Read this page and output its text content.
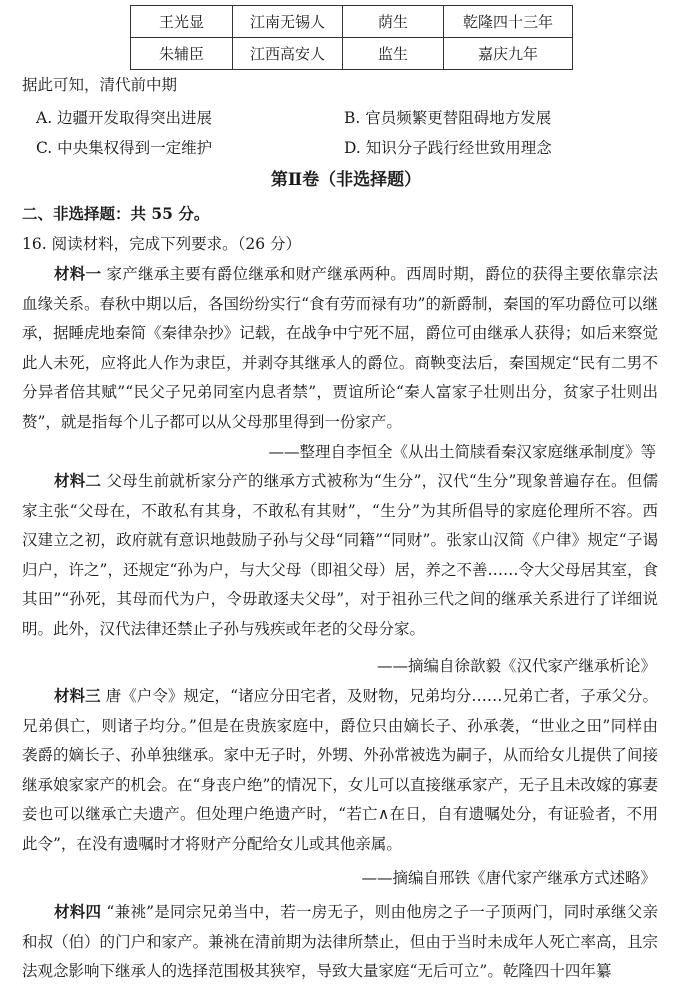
王光显	江南无锡人	荫生	乾隆四十三年
朱辅臣	江西高安人	监生	嘉庆九年
据此可知，清代前中期
A. 边疆开发取得突出进展	B. 官员频繁更替阻碍地方发展
C. 中央集权得到一定维护	D. 知识分子践行经世致用理念
第Ⅱ卷（非选择题）
二、非选择题：共 55 分。
16. 阅读材料，完成下列要求。（26 分）
材料一 家产继承主要有爵位继承和财产继承两种。西周时期，爵位的获得主要依靠宗法血缘关系。春秋中期以后，各国纷纷实行“食有劳而禄有功”的新爵制，秦国的军功爵位可以继承，据睡虎地秦简《秦律杂抄》记载，在战争中宁死不屈，爵位可由继承人获得；如后来察觉此人未死，应将此人作为隶臣，并剥夺其继承人的爵位。商鞅变法后，秦国规定“民有二男不分异者倍其赋”“民父子兄弟同室内息者禁”，贾谊所论“秦人富家子壮则出分，贫家子壮则出赘”，就是指每个儿子都可以从父母那里得到一份家产。
——整理自李恒全《从出土简牍看秦汉家庭继承制度》等
材料二 父母生前就析家分产的继承方式被称为“生分”，汉代“生分”现象普遍存在。但儒家主张“父母在，不敢私有其身，不敢私有其财”，“生分”为其所倡导的家庭伦理所不容。西汉建立之初，政府就有意识地鼓励子孙与父母“同籍”“同财”。张家山汉简《户律》规定“子谒归户，许之”，还规定“孙为户，与大父母（即祖父母）居，养之不善……令大父母居其室，食其田”“孙死，其母而代为户，令毋敢逐夫父母”，对于祖孙三代之间的继承关系进行了详细说明。此外，汉代法律还禁止子孙与残疾或年老的父母分家。
——摘编自徐歆毅《汉代家产继承析论》
材料三 唐《户令》规定，“诸应分田宅者，及财物，兄弟均分……兄弟亡者，子承父分。兄弟俱亡，则诸子均分。”但是在贵族家庭中，爵位只由嫡长子、孙承袭，“世业之田”同样由袭爵的嫡长子、孙单独继承。家中无子时，外甥、外孙常被选为嗣子，从而给女儿提供了间接继承娘家家产的机会。在“身丧户绝”的情况下，女儿可以直接继承家产，无子且未改嫁的寡妻妾也可以继承亡夫遗产。但处理户绝遗产时，“若亡∧在日，自有遗嘱处分，有证验者，不用此令”，在没有遗嘱时才将财产分配给女儿或其他亲属。
——摘编自邢铁《唐代家产继承方式述略》
材料四 “兼祧”是同宗兄弟当中，若一房无子，则由他房之子一子顶两门，同时承继父亲和叔（伯）的门户和家产。兼祧在清前期为法律所禁止，但由于当时未成年人死亡率高，且宗法观念影响下继承人的选择范围极其狭窄，导致大量家庭“无后可立”。乾隆四十四年纂
